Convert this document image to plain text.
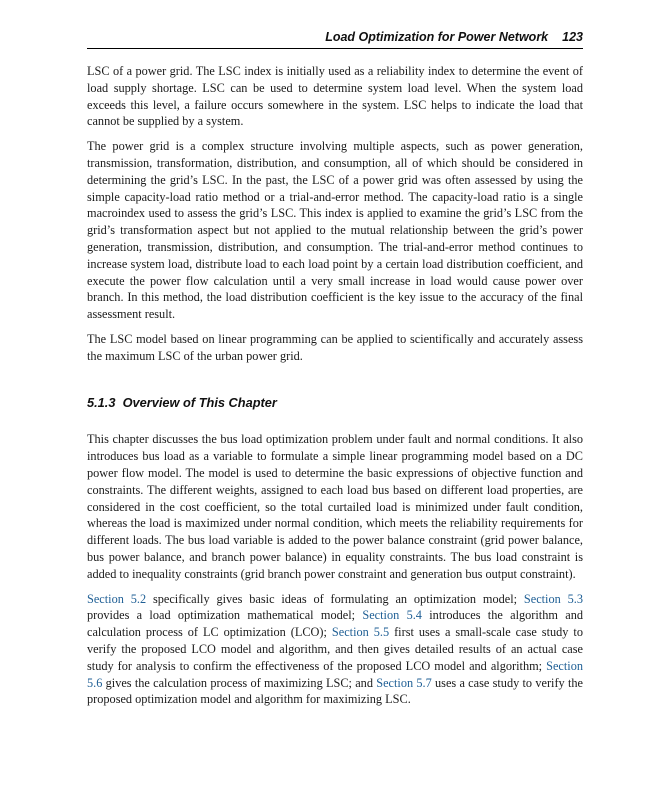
Load Optimization for Power Network 123

LSC of a power grid. The LSC index is initially used as a reliability index to determine the event of load supply shortage. LSC can be used to determine system load level. When the system load exceeds this level, a failure occurs somewhere in the system. LSC helps to indicate the load that cannot be supplied by a system.

The power grid is a complex structure involving multiple aspects, such as power generation, transmission, transformation, distribution, and consumption, all of which should be considered in determining the grid’s LSC. In the past, the LSC of a power grid was often assessed by using the simple capacity-load ratio method or a trial-and-error method. The capacity-load ratio is a single macroindex used to assess the grid’s LSC. This index is applied to examine the grid’s LSC from the grid’s transformation aspect but not applied to the mutual relationship between the grid’s power generation, transmission, distribution, and consumption. The trial-and-error method continues to increase system load, distribute load to each load point by a certain load distribution coefficient, and execute the power flow calculation until a very small increase in load would cause power over branch. In this method, the load distribution coefficient is the key issue to the accuracy of the final assessment result.

The LSC model based on linear programming can be applied to scientifically and accurately assess the maximum LSC of the urban power grid.

5.1.3 Overview of This Chapter

This chapter discusses the bus load optimization problem under fault and normal conditions. It also introduces bus load as a variable to formulate a simple linear programming model based on a DC power flow model. The model is used to determine the basic expressions of objective function and constraints. The different weights, assigned to each load bus based on different load properties, are considered in the cost coefficient, so the total curtailed load is minimized under fault condition, whereas the load is maximized under normal condition, which meets the reliability requirements for different loads. The bus load variable is added to the power balance constraint (grid power balance, bus power balance, and branch power balance) in equality constraints. The bus load constraint is added to inequality constraints (grid branch power constraint and generation bus output constraint).

Section 5.2 specifically gives basic ideas of formulating an optimization model; Section 5.3 provides a load optimization mathematical model; Section 5.4 introduces the algorithm and calculation process of LC optimization (LCO); Section 5.5 first uses a small-scale case study to verify the proposed LCO model and algorithm, and then gives detailed results of an actual case study for analysis to confirm the effectiveness of the proposed LCO model and algorithm; Section 5.6 gives the calculation process of maximizing LSC; and Section 5.7 uses a case study to verify the proposed optimization model and algorithm for maximizing LSC.
